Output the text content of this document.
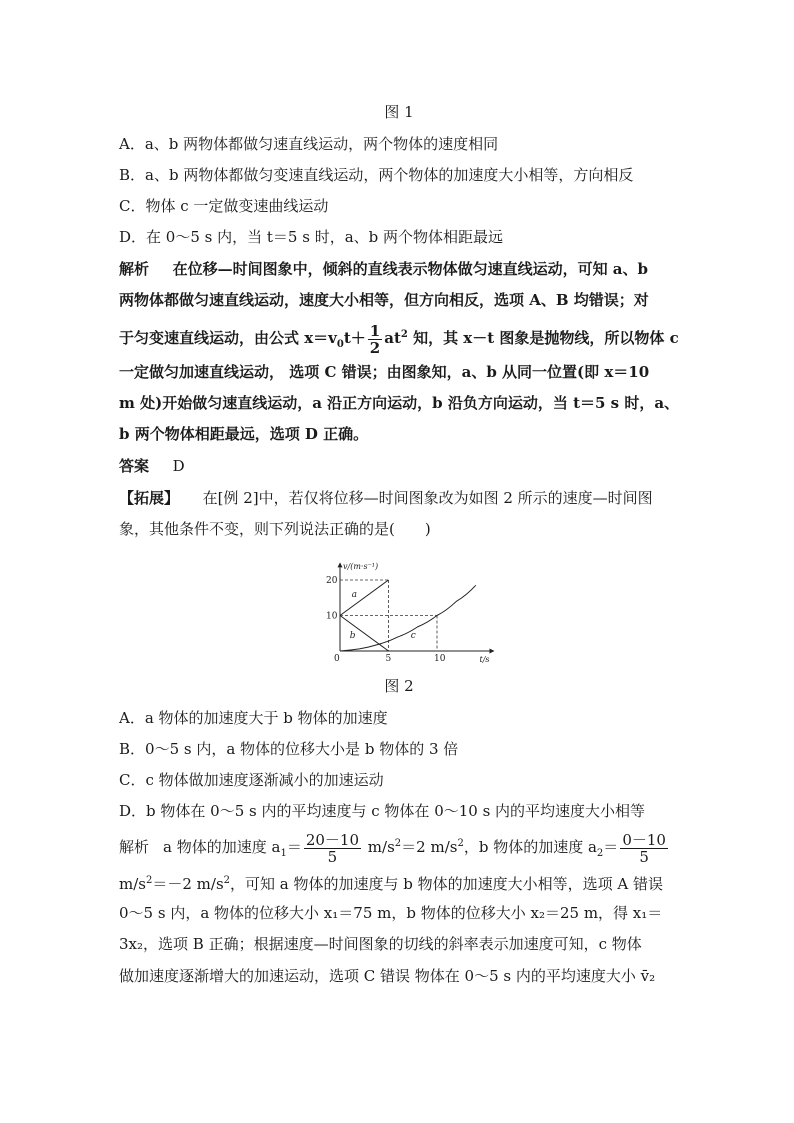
图 1
A．a、b 两物体都做匀速直线运动，两个物体的速度相同
B．a、b 两物体都做匀变速直线运动，两个物体的加速度大小相等，方向相反
C．物体 c 一定做变速曲线运动
D．在 0～5 s 内，当 t＝5 s 时，a、b 两个物体相距最远
解析 在位移—时间图象中，倾斜的直线表示物体做匀速直线运动，可知 a、b
两物体都做匀速直线运动，速度大小相等，但方向相反，选项 A、B 均错误；对
于匀变速直线运动，由公式 $x=v_0t+ \frac{1}{2} at^2$ 知，其 x－t 图象是抛物线，所以物体 c
一定做匀加速直线运动， 选项 C 错误；由图象知，a、b 从同一位置(即 x＝10
m 处)开始做匀速直线运动，a 沿正方向运动，b 沿负方向运动，当 t＝5 s 时，a、
b 两个物体相距最远，选项 D 正确。
答案 D
【拓展】 在[例 2]中，若仅将位移—时间图象改为如图 2 所示的速度—时间图
象，其他条件不变，则下列说法正确的是(　　)
a
b	c
0	5	10
10
20
v/(m·s⁻¹)
t/s
图 2
A．a 物体的加速度大于 b 物体的加速度
B．0～5 s 内，a 物体的位移大小是 b 物体的 3 倍
C．c 物体做加速度逐渐减小的加速运动
D．b 物体在 0～5 s 内的平均速度与 c 物体在 0～10 s 内的平均速度大小相等
解析 a 物体的加速度 $a_1= \frac{20-10}{5} m/s^2=2$ $m/s^2$，b 物体的加速度 $a_2= \frac{0-10}{5}$
$m/s^2=-2$ $m/s^2$，可知 a 物体的加速度与 b 物体的加速度大小相等，选项 A 错误
0～5 s 内，a 物体的位移大小 x₁＝75 m，b 物体的位移大小 x₂＝25 m，得 x₁＝
3x₂，选项 B 正确；根据速度—时间图象的切线的斜率表示加速度可知，c 物体
做加速度逐渐增大的加速运动，选项 C 错误 物体在 0～5 s 内的平均速度大小 v̄₂
